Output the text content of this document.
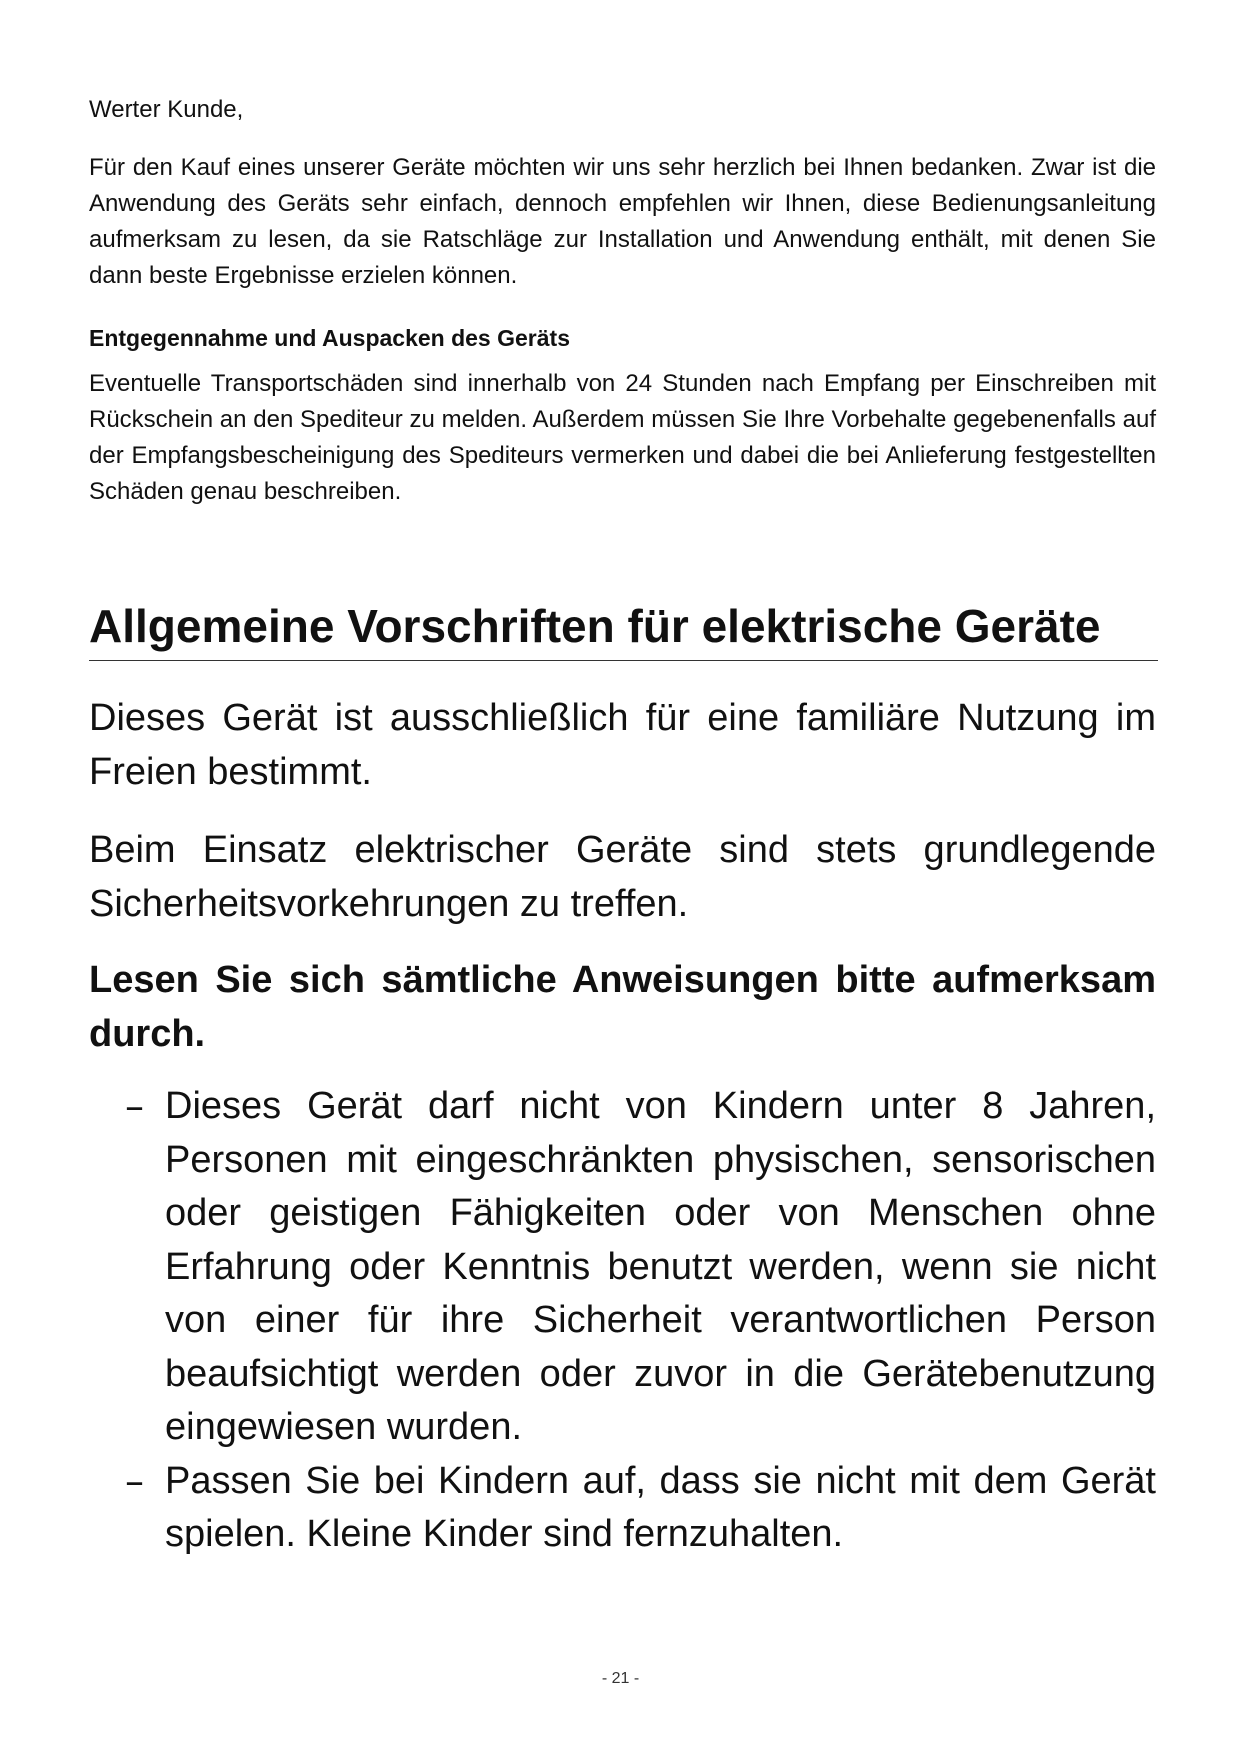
Werter Kunde,

Für den Kauf eines unserer Geräte möchten wir uns sehr herzlich bei Ihnen bedanken. Zwar ist die Anwendung des Geräts sehr einfach, dennoch empfehlen wir Ihnen, diese Bedienungsanleitung aufmerksam zu lesen, da sie Ratschläge zur Installation und Anwendung enthält, mit denen Sie dann beste Ergebnisse erzielen können.

Entgegennahme und Auspacken des Geräts

Eventuelle Transportschäden sind innerhalb von 24 Stunden nach Empfang per Einschreiben mit Rückschein an den Spediteur zu melden. Außerdem müssen Sie Ihre Vorbehalte gegebenenfalls auf der Empfangsbescheinigung des Spediteurs vermerken und dabei die bei Anlieferung festgestellten Schäden genau beschreiben.

Allgemeine Vorschriften für elektrische Geräte

Dieses Gerät ist ausschließlich für eine familiäre Nutzung im Freien bestimmt.

Beim Einsatz elektrischer Geräte sind stets grundlegende Sicherheitsvorkehrungen zu treffen.

Lesen Sie sich sämtliche Anweisungen bitte aufmerksam durch.

– Dieses Gerät darf nicht von Kindern unter 8 Jahren, Personen mit eingeschränkten physischen, sensorischen oder geistigen Fähigkeiten oder von Menschen ohne Erfahrung oder Kenntnis benutzt werden, wenn sie nicht von einer für ihre Sicherheit verantwortlichen Person beaufsichtigt werden oder zuvor in die Gerätebenutzung eingewiesen wurden.
– Passen Sie bei Kindern auf, dass sie nicht mit dem Gerät spielen. Kleine Kinder sind fernzuhalten.
- 21 -
